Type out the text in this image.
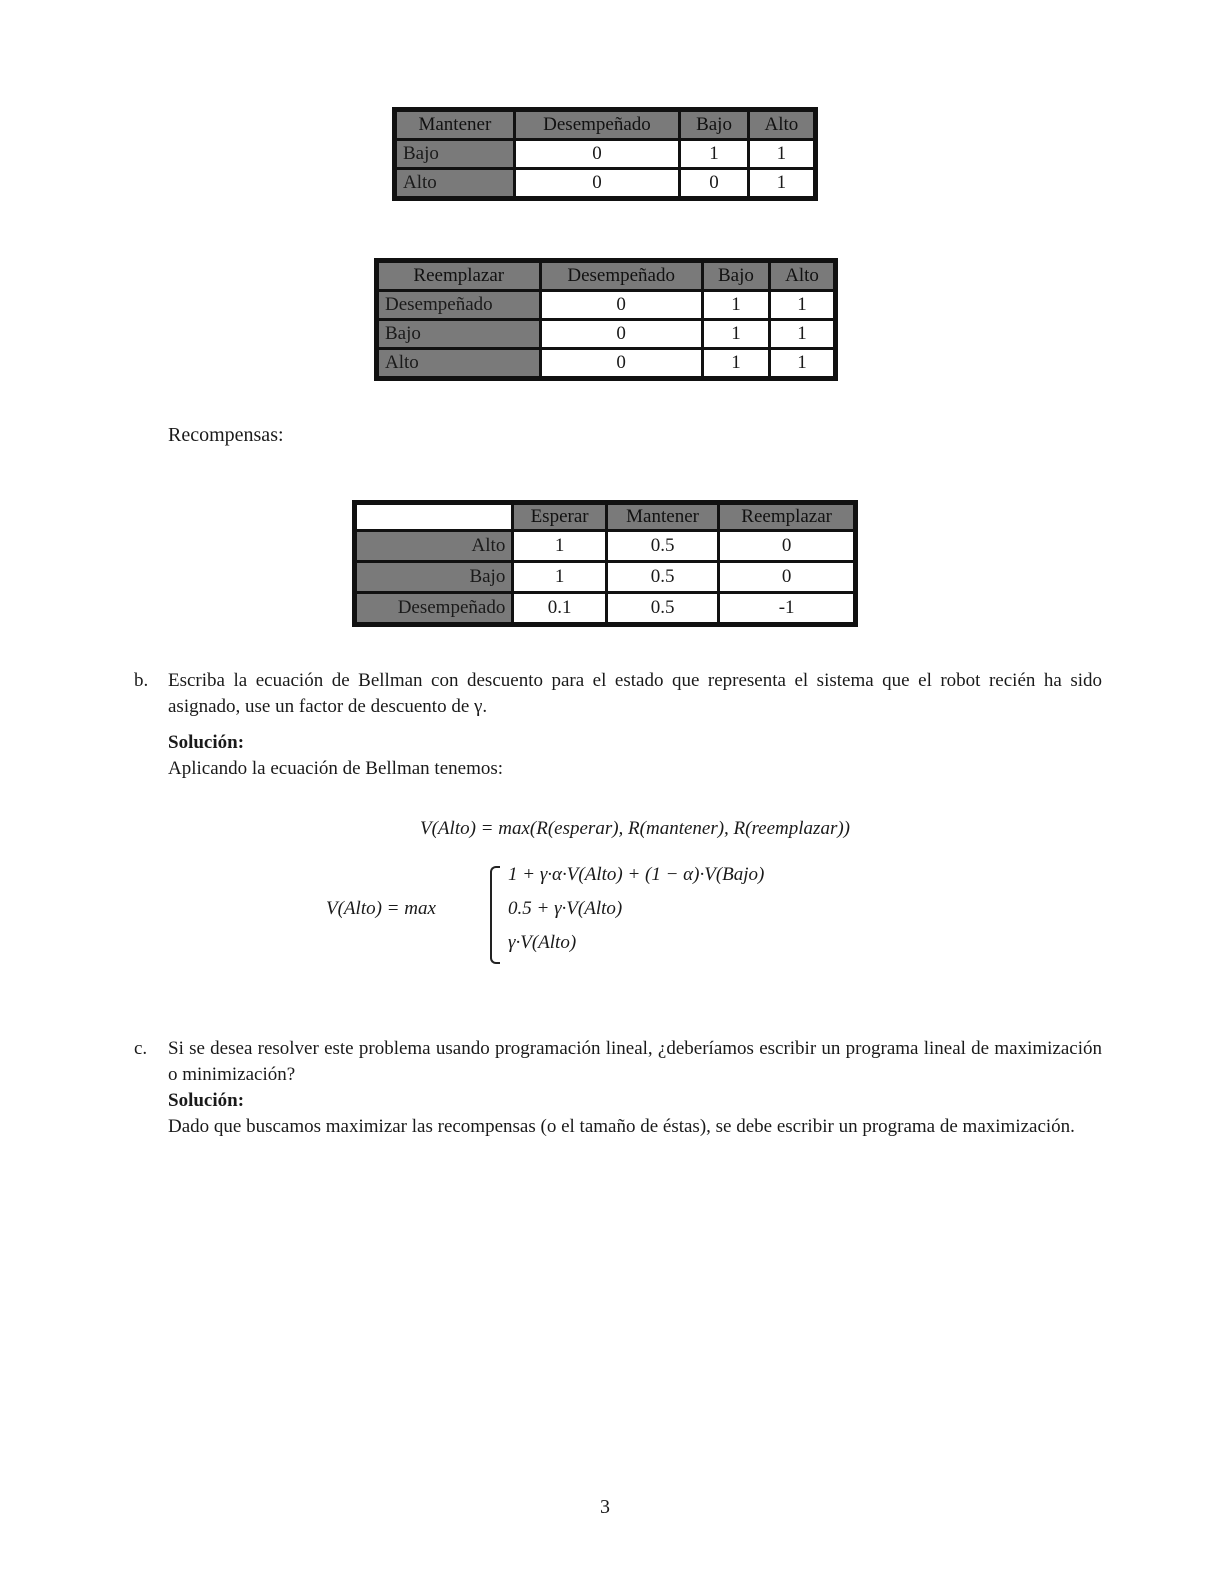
Mantener	Desempeñado	Bajo	Alto
Bajo	0	1	1
Alto	0	0	1
Reemplazar	Desempeñado	Bajo	Alto
Desempeñado	0	1	1
Bajo	0	1	1
Alto	0	1	1
Recompensas:
	Esperar	Mantener	Reemplazar
Alto	1	0.5	0
Bajo	1	0.5	0
Desempeñado	0.1	0.5	-1
b.	Escriba la ecuación de Bellman con descuento para el estado que representa el sistema que el robot recién ha sido asignado, use un factor de descuento de γ.
Solución:
Aplicando la ecuación de Bellman tenemos:
V(Alto) = max(R(esperar), R(mantener), R(reemplazar))
V(Alto) = max
1 + γ·α·V(Alto) + (1 − α)·V(Bajo)
0.5 + γ·V(Alto)
γ·V(Alto)
c.	Si se desea resolver este problema usando programación lineal, ¿deberíamos escribir un programa lineal de maximización o minimización?
Solución:
Dado que buscamos maximizar las recompensas (o el tamaño de éstas), se debe escribir un programa de maximización.
3
